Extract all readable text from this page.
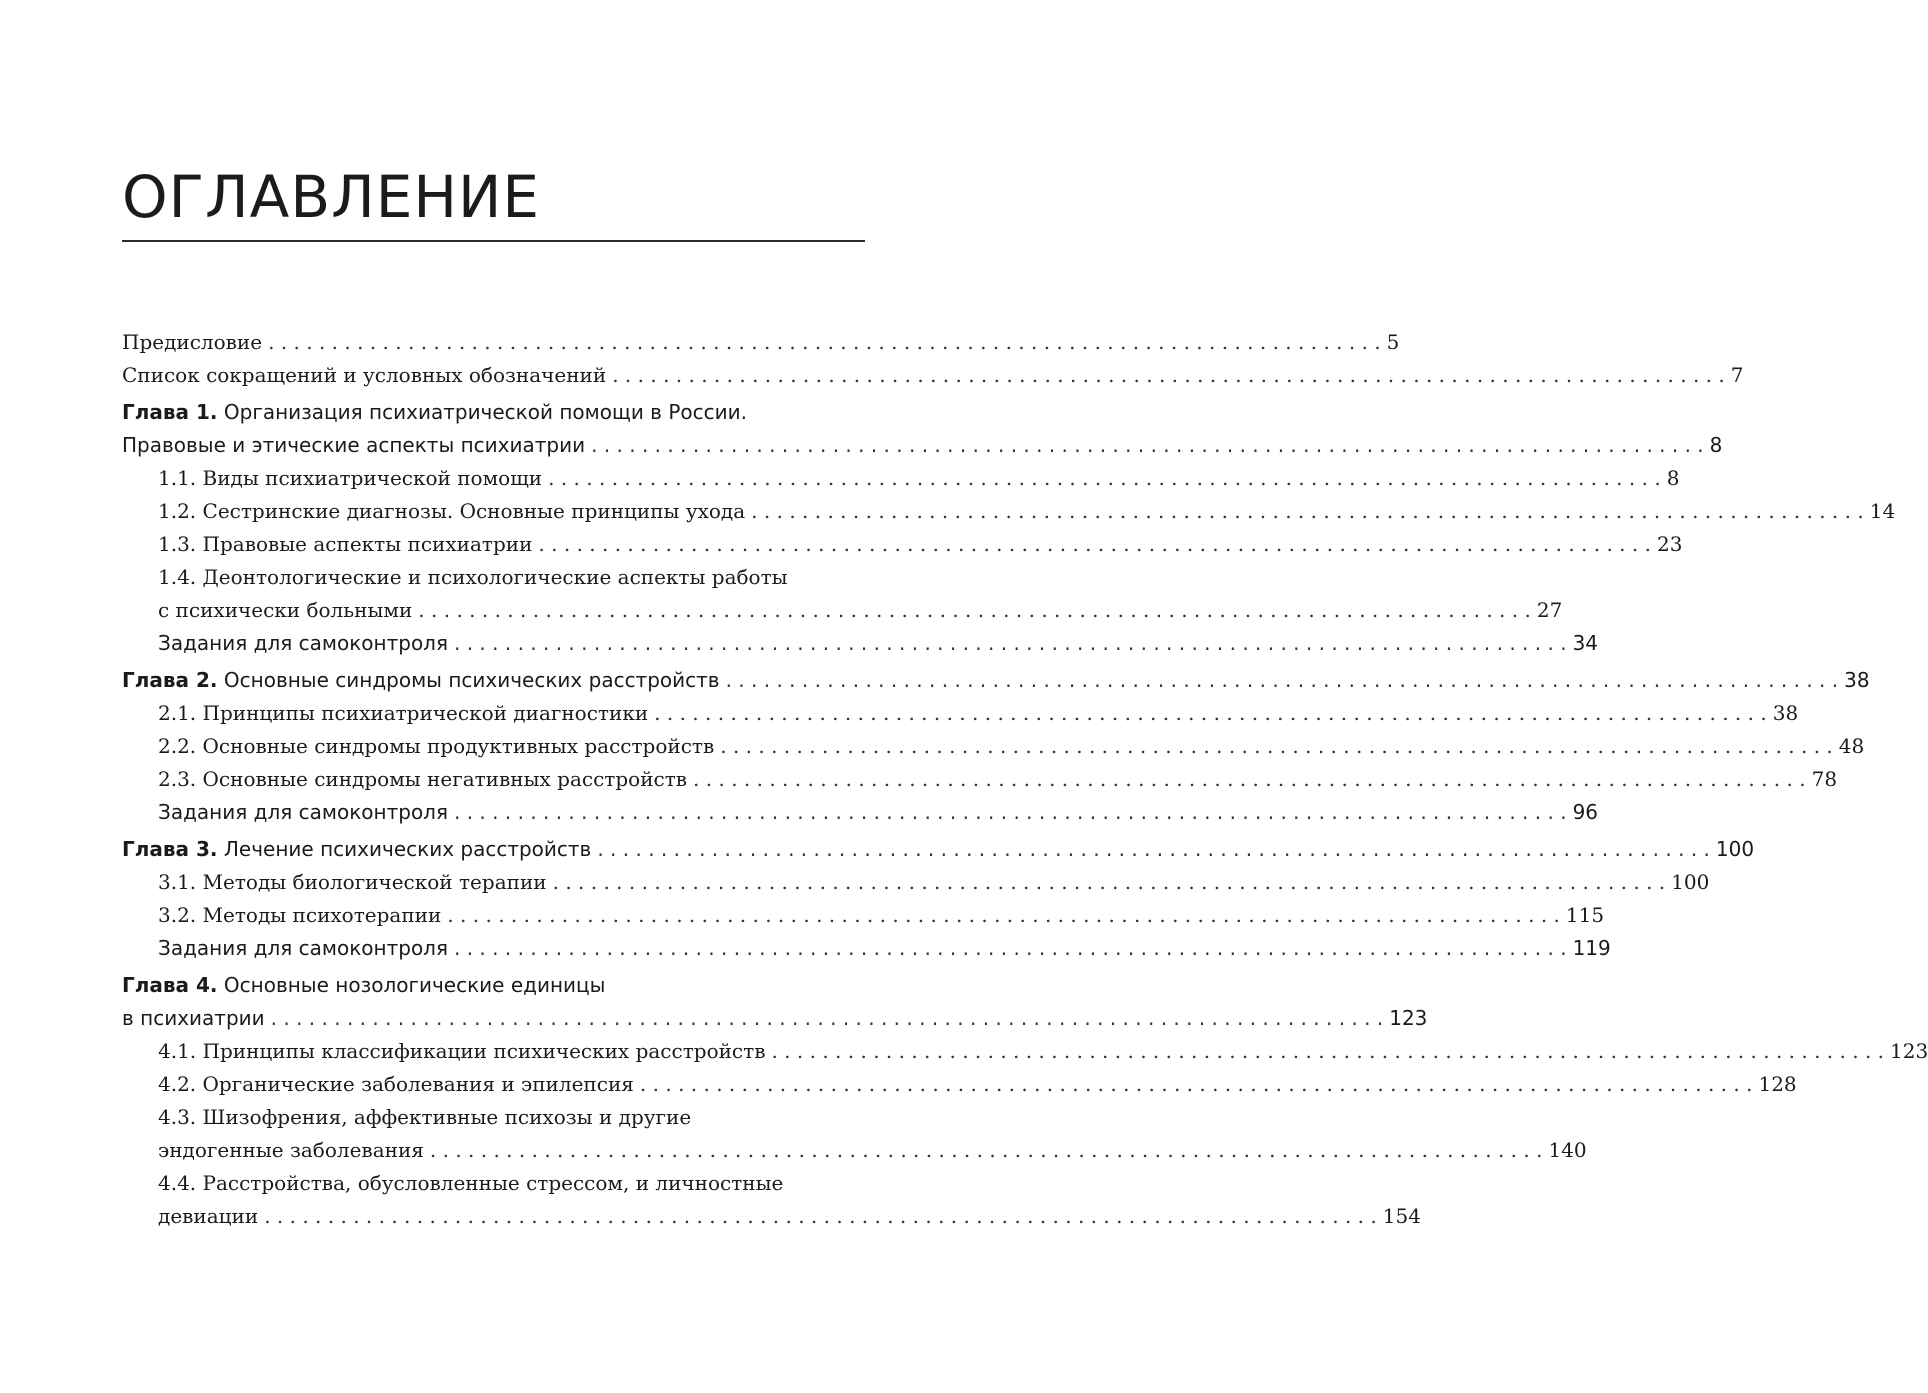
ОГЛАВЛЕНИЕ
Предисловие . . .	5
Список сокращений и условных обозначений . . .	7
Глава 1. Организация психиатрической помощи в России.
Правовые и этические аспекты психиатрии . . .	8
1.1. Виды психиатрической помощи . . .	8
1.2. Сестринские диагнозы. Основные принципы ухода . . .	14
1.3. Правовые аспекты психиатрии . . .	23
1.4. Деонтологические и психологические аспекты работы
с психически больными . . .	27
Задания для самоконтроля . . .	34
Глава 2. Основные синдромы психических расстройств . . .	38
2.1. Принципы психиатрической диагностики . . .	38
2.2. Основные синдромы продуктивных расстройств . . .	48
2.3. Основные синдромы негативных расстройств . . .	78
Задания для самоконтроля . . .	96
Глава 3. Лечение психических расстройств . . .	100
3.1. Методы биологической терапии . . .	100
3.2. Методы психотерапии . . .	115
Задания для самоконтроля . . .	119
Глава 4. Основные нозологические единицы
в психиатрии . . .	123
4.1. Принципы классификации психических расстройств . . .	123
4.2. Органические заболевания и эпилепсия . . .	128
4.3. Шизофрения, аффективные психозы и другие
эндогенные заболевания . . .	140
4.4. Расстройства, обусловленные стрессом, и личностные
девиации . . .	154
